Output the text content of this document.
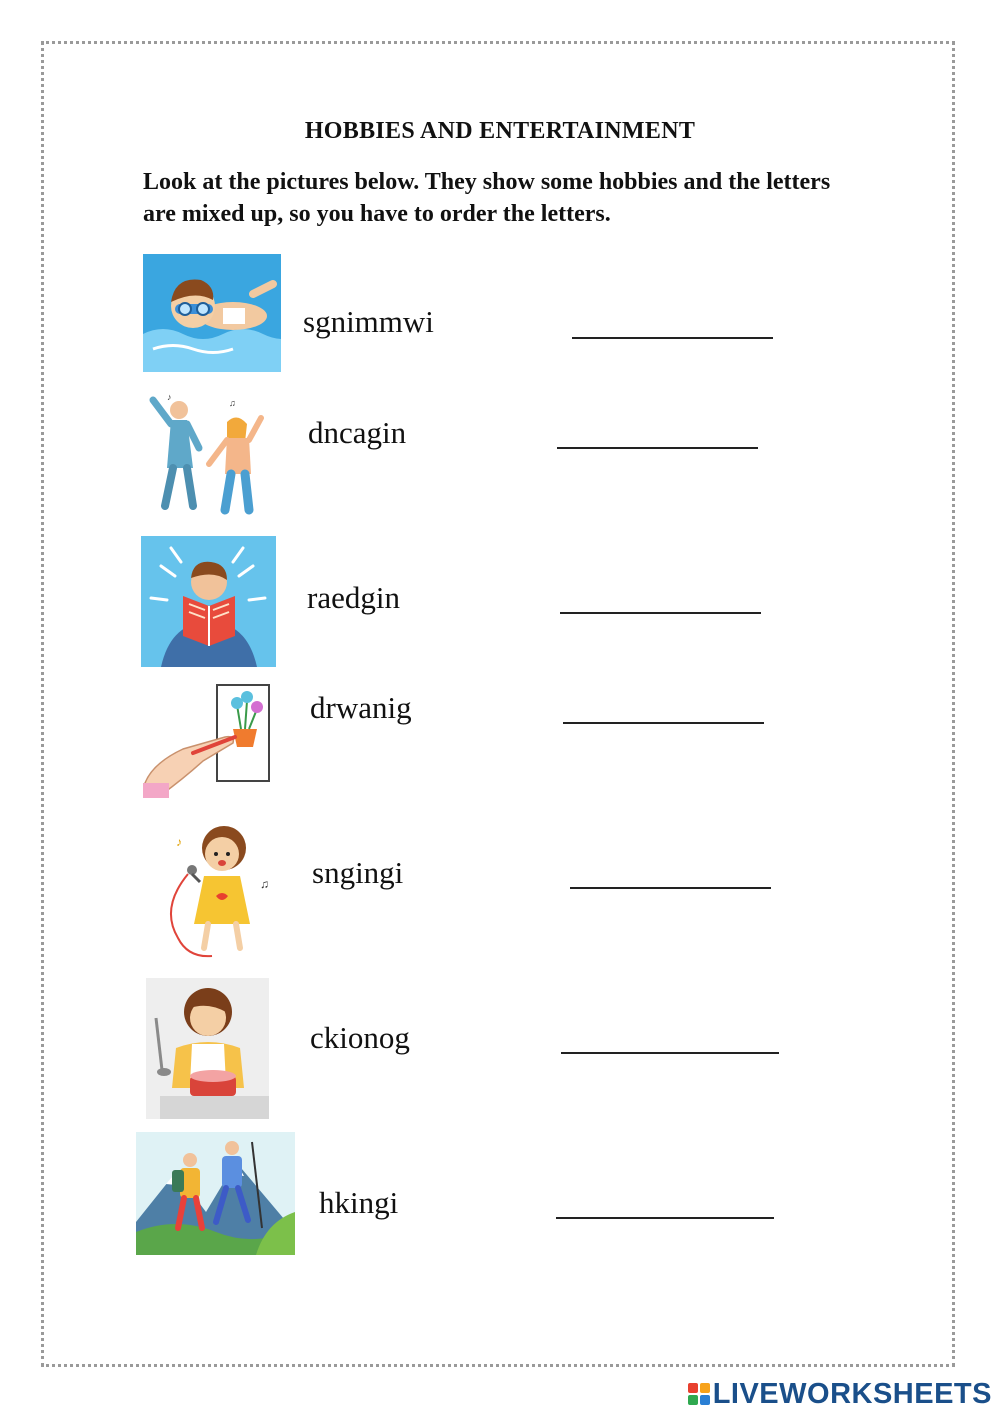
HOBBIES AND ENTERTAINMENT
Look at the pictures below. They show some hobbies and the letters are mixed up, so you have to order the letters.
sgnimmwi
♪
♫
dncagin
raedgin
drwanig
♪
♫ sngingi
ckionog
hkingi
LIVEWORKSHEETS
